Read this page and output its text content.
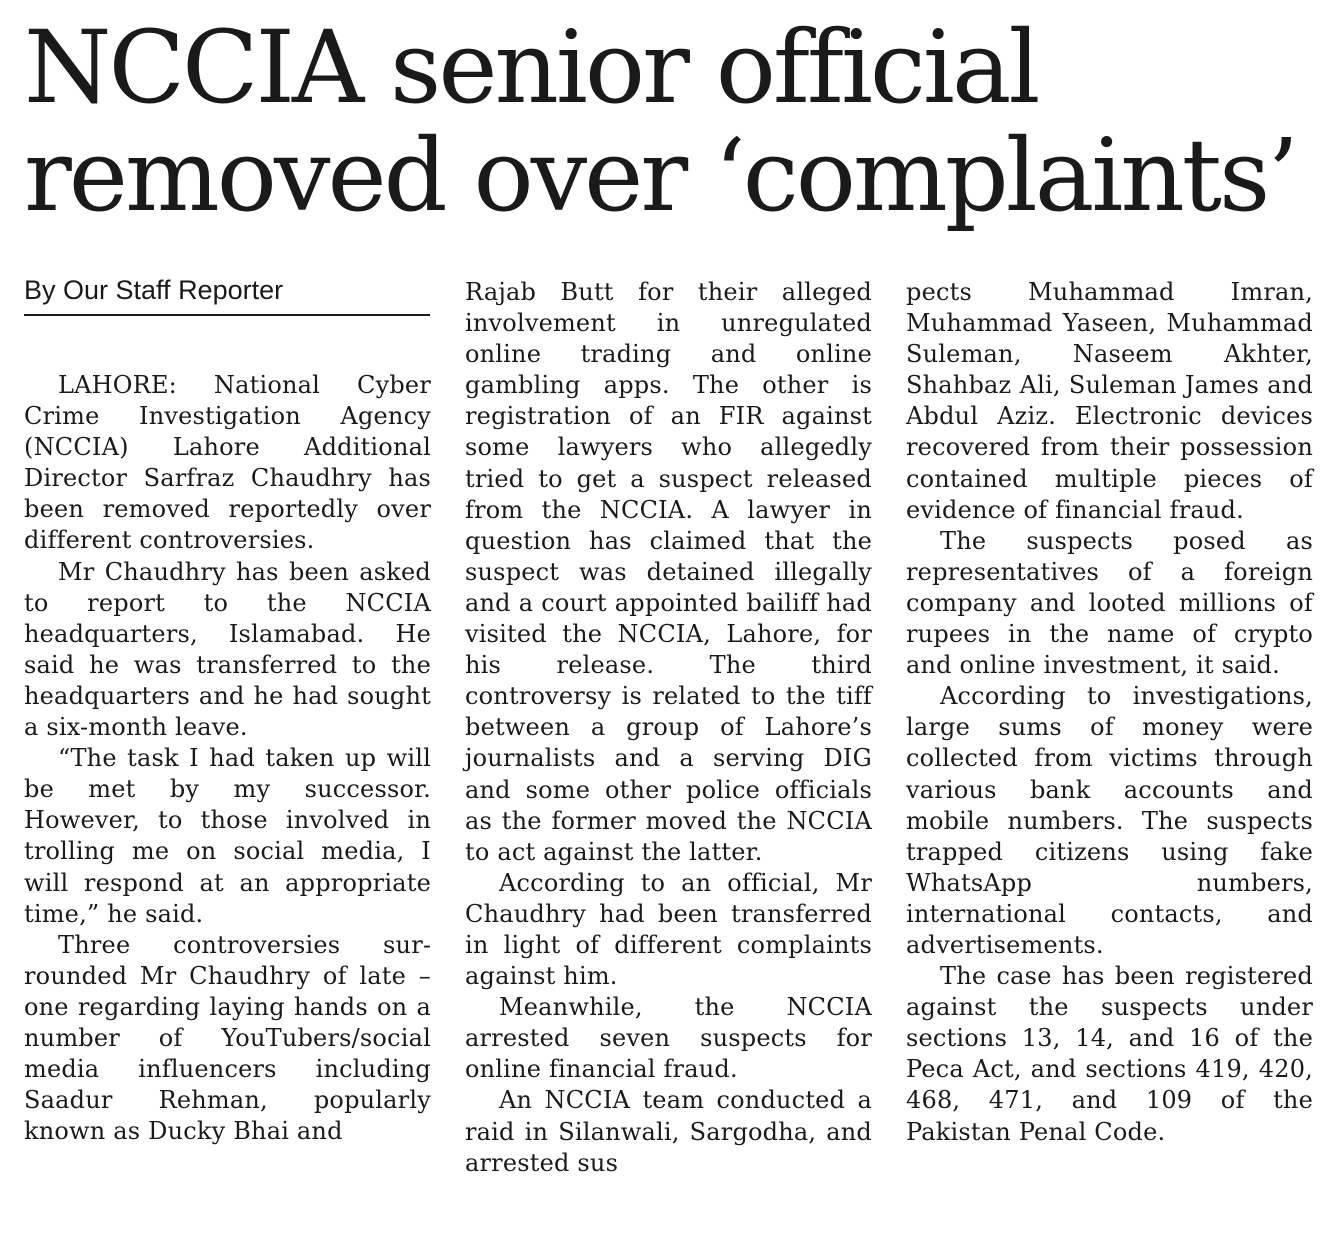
NCCIA senior official
removed over ‘complaints’
By Our Staff Reporter

LAHORE: National Cyber Crime Investigation Agency (NCCIA) Lahore Additional Director Sarfraz Chaudhry has been removed reportedly over different controversies.

Mr Chaudhry has been asked to report to the NCCIA headquarters, Islamabad. He said he was transferred to the headquarters and he had sought a six-month leave.

“The task I had taken up will be met by my successor. However, to those involved in trolling me on social media, I will respond at an appropriate time,” he said.

Three controversies surrounded Mr Chaudhry of late – one regarding laying hands on a number of YouTubers/social media influencers including Saadur Rehman, popularly known as Ducky Bhai and

Rajab Butt for their alleged involvement in unregulated online trading and online gambling apps. The other is registration of an FIR against some lawyers who allegedly tried to get a suspect released from the NCCIA. A lawyer in question has claimed that the suspect was detained illegally and a court appointed bailiff had visited the NCCIA, Lahore, for his release. The third controversy is related to the tiff between a group of Lahore’s journalists and a serving DIG and some other police officials as the former moved the NCCIA to act against the latter.

According to an official, Mr Chaudhry had been transferred in light of different complaints against him.

Meanwhile, the NCCIA arrested seven suspects for online financial fraud.

An NCCIA team conducted a raid in Silanwali, Sargodha, and arrested sus

pects Muhammad Imran, Muhammad Yaseen, Muhammad Suleman, Naseem Akhter, Shahbaz Ali, Suleman James and Abdul Aziz. Electronic devices recovered from their possession contained multiple pieces of evidence of financial fraud.

The suspects posed as representatives of a foreign company and looted millions of rupees in the name of crypto and online investment, it said.

According to investigations, large sums of money were collected from victims through various bank accounts and mobile numbers. The suspects trapped citizens using fake WhatsApp numbers, international contacts, and advertisements.

The case has been registered against the suspects under sections 13, 14, and 16 of the Peca Act, and sections 419, 420, 468, 471, and 109 of the Pakistan Penal Code.
